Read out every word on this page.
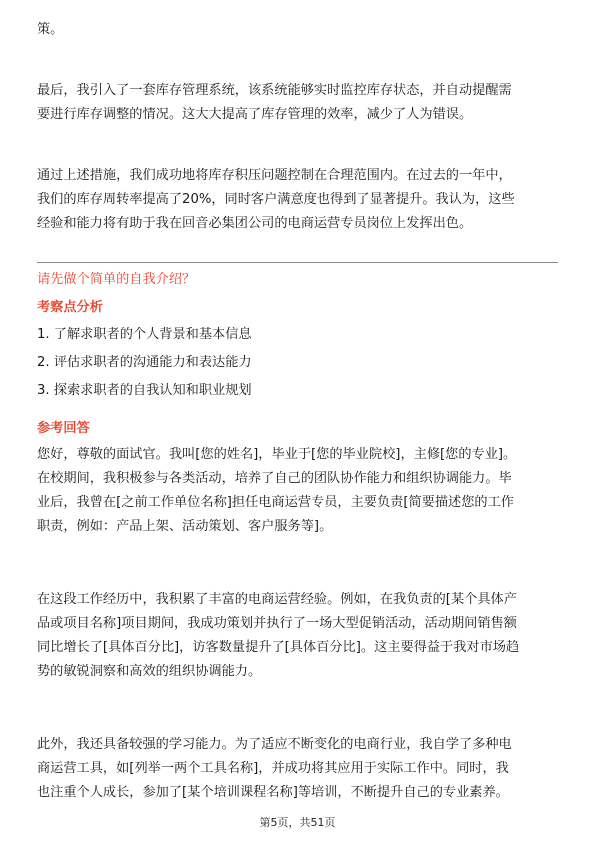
策。

最后，我引入了一套库存管理系统，该系统能够实时监控库存状态，并自动提醒需
要进行库存调整的情况。这大大提高了库存管理的效率，减少了人为错误。

通过上述措施，我们成功地将库存积压问题控制在合理范围内。在过去的一年中，
我们的库存周转率提高了20%，同时客户满意度也得到了显著提升。我认为，这些
经验和能力将有助于我在回音必集团公司的电商运营专员岗位上发挥出色。

请先做个简单的自我介绍？

考察点分析

1. 了解求职者的个人背景和基本信息

2. 评估求职者的沟通能力和表达能力

3. 探索求职者的自我认知和职业规划

参考回答

您好，尊敬的面试官。我叫[您的姓名]，毕业于[您的毕业院校]，主修[您的专业]。
在校期间，我积极参与各类活动，培养了自己的团队协作能力和组织协调能力。毕
业后，我曾在[之前工作单位名称]担任电商运营专员，主要负责[简要描述您的工作
职责，例如：产品上架、活动策划、客户服务等]。

在这段工作经历中，我积累了丰富的电商运营经验。例如，在我负责的[某个具体产
品或项目名称]项目期间，我成功策划并执行了一场大型促销活动，活动期间销售额
同比增长了[具体百分比]，访客数量提升了[具体百分比]。这主要得益于我对市场趋
势的敏锐洞察和高效的组织协调能力。

此外，我还具备较强的学习能力。为了适应不断变化的电商行业，我自学了多种电
商运营工具，如[列举一两个工具名称]，并成功将其应用于实际工作中。同时，我
也注重个人成长，参加了[某个培训课程名称]等培训，不断提升自己的专业素养。

第5页，共51页
